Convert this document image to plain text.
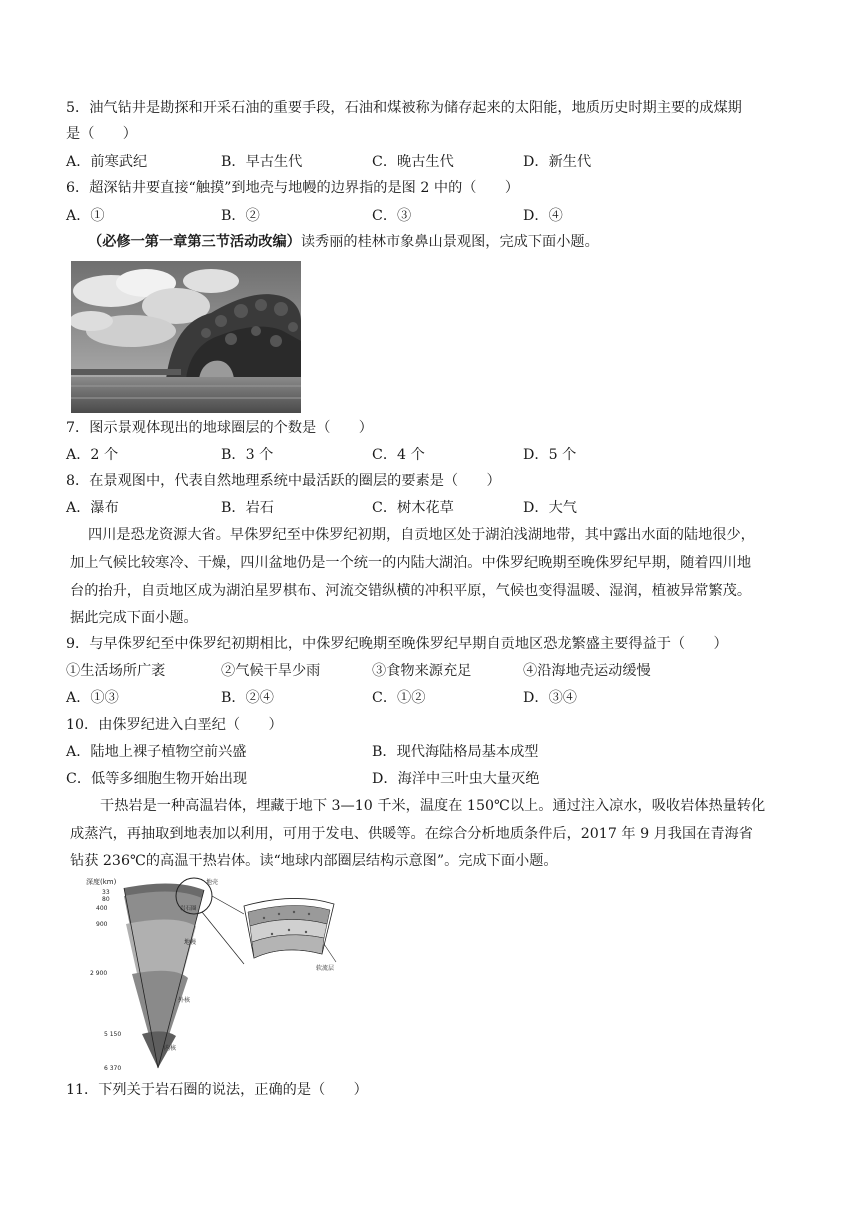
5．油气钻井是勘探和开采石油的重要手段，石油和煤被称为储存起来的太阳能，地质历史时期主要的成煤期
是（　　）
A．前寒武纪	B．早古生代	C．晚古生代	D．新生代
6．超深钻井要直接“触摸”到地壳与地幔的边界指的是图 2 中的（　　）
A．①	B．②	C．③	D．④
（必修一第一章第三节活动改编）读秀丽的桂林市象鼻山景观图，完成下面小题。
7．图示景观体现出的地球圈层的个数是（　　）
A．2 个	B．3 个	C．4 个	D．5 个
8．在景观图中，代表自然地理系统中最活跃的圈层的要素是（　　）
A．瀑布	B．岩石	C．树木花草	D．大气
四川是恐龙资源大省。早侏罗纪至中侏罗纪初期，自贡地区处于湖泊浅湖地带，其中露出水面的陆地很少，
加上气候比较寒冷、干燥，四川盆地仍是一个统一的内陆大湖泊。中侏罗纪晚期至晚侏罗纪早期，随着四川地
台的抬升，自贡地区成为湖泊星罗棋布、河流交错纵横的冲积平原，气候也变得温暖、湿润，植被异常繁茂。
据此完成下面小题。
9．与早侏罗纪至中侏罗纪初期相比，中侏罗纪晚期至晚侏罗纪早期自贡地区恐龙繁盛主要得益于（　　）
①生活场所广袤	②气候干旱少雨	③食物来源充足	④沿海地壳运动缓慢
A．①③	B．②④	C．①②	D．③④
10．由侏罗纪进入白垩纪（　　）
A．陆地上裸子植物空前兴盛	B．现代海陆格局基本成型
C．低等多细胞生物开始出现	D．海洋中三叶虫大量灭绝
干热岩是一种高温岩体，埋藏于地下 3—10 千米，温度在 150℃以上。通过注入凉水，吸收岩体热量转化
成蒸汽，再抽取到地表加以利用，可用于发电、供暖等。在综合分析地质条件后，2017 年 9 月我国在青海省
钻获 236℃的高温干热岩体。读“地球内部圈层结构示意图”。完成下面小题。
深度(km)
33
80
400
900
2 900
5 150
6 370
地壳
岩石圈
地幔
外核
内核
软流层
11．下列关于岩石圈的说法，正确的是（　　）
